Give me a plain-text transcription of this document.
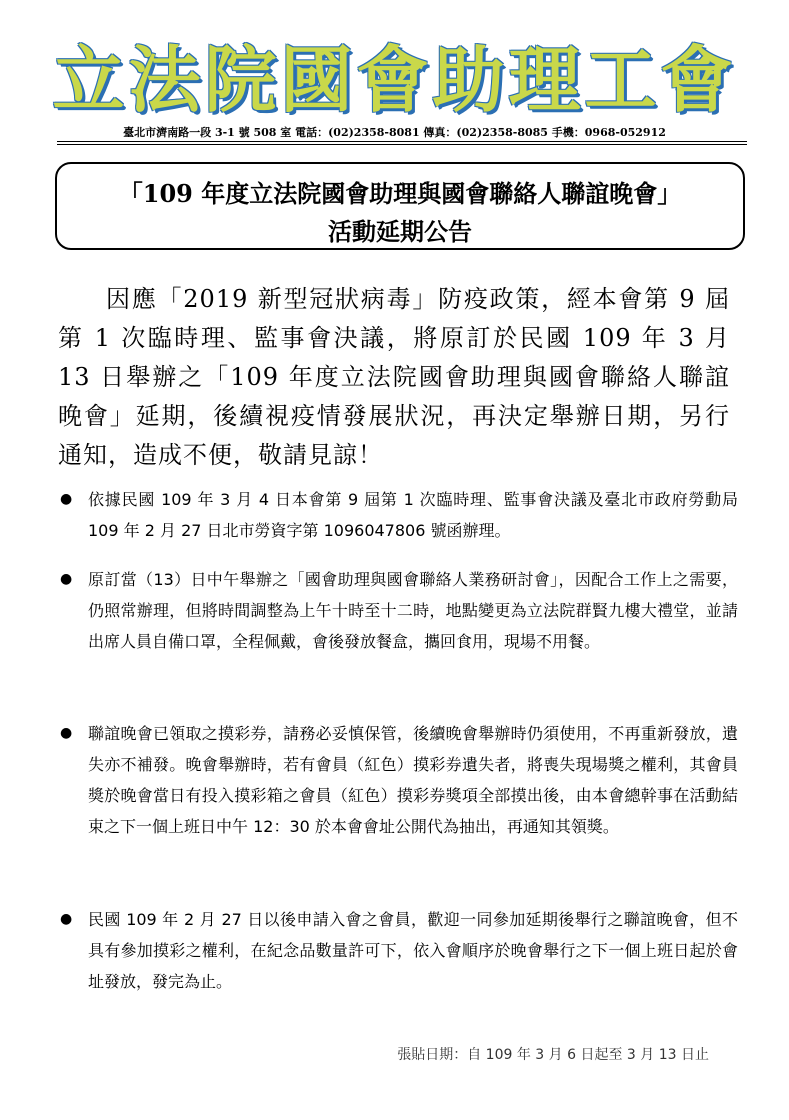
立法院國會助理工會
臺北市濟南路一段 3-1 號 508 室 電話：(02)2358-8081 傳真：(02)2358-8085 手機：0968-052912
「109 年度立法院國會助理與國會聯絡人聯誼晚會」
活動延期公告
因應「2019 新型冠狀病毒」防疫政策，經本會第 9 屆第 1 次臨時理、監事會決議，將原訂於民國 109 年 3 月 13 日舉辦之「109 年度立法院國會助理與國會聯絡人聯誼晚會」延期，後續視疫情發展狀況，再決定舉辦日期，另行通知，造成不便，敬請見諒！
● 依據民國 109 年 3 月 4 日本會第 9 屆第 1 次臨時理、監事會決議及臺北市政府勞動局 109 年 2 月 27 日北市勞資字第 1096047806 號函辦理。
● 原訂當（13）日中午舉辦之「國會助理與國會聯絡人業務研討會」，因配合工作上之需要，仍照常辦理，但將時間調整為上午十時至十二時，地點變更為立法院群賢九樓大禮堂，並請出席人員自備口罩，全程佩戴，會後發放餐盒，攜回食用，現場不用餐。
● 聯誼晚會已領取之摸彩券，請務必妥慎保管，後續晚會舉辦時仍須使用，不再重新發放，遺失亦不補發。晚會舉辦時，若有會員（紅色）摸彩券遺失者，將喪失現場獎之權利，其會員獎於晚會當日有投入摸彩箱之會員（紅色）摸彩券獎項全部摸出後，由本會總幹事在活動結束之下一個上班日中午 12：30 於本會會址公開代為抽出，再通知其領獎。
● 民國 109 年 2 月 27 日以後申請入會之會員，歡迎一同參加延期後舉行之聯誼晚會，但不具有參加摸彩之權利，在紀念品數量許可下，依入會順序於晚會舉行之下一個上班日起於會址發放，發完為止。
張貼日期：自 109 年 3 月 6 日起至 3 月 13 日止
